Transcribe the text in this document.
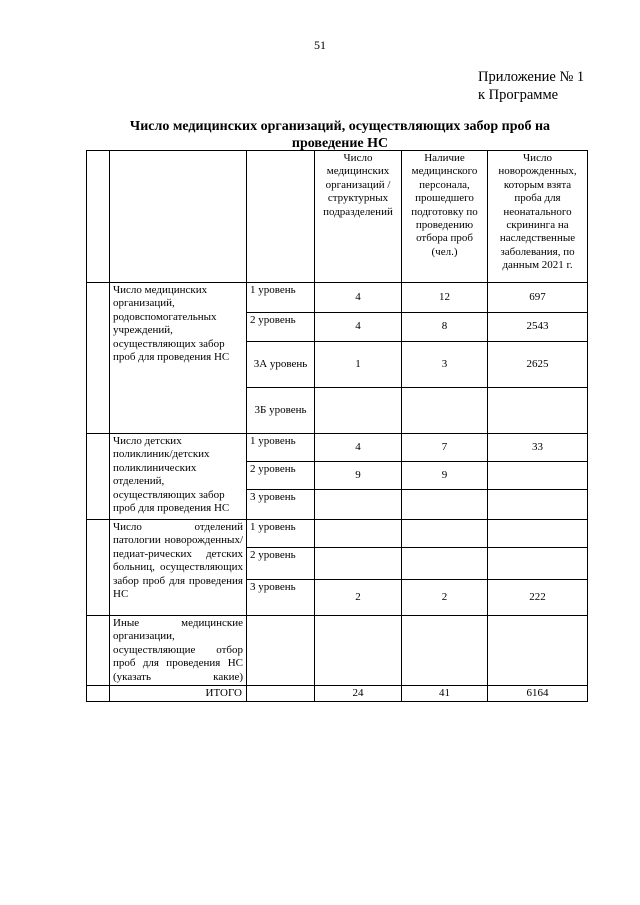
51
Приложение № 1
к Программе
Число медицинских организаций, осуществляющих забор проб на
проведение НС
			Число медицинских организаций /структурных подразделений	Наличие медицинского персонала, прошедшего подготовку по проведению отбора проб (чел.)	Число новорожденных, которым взята проба для неонатального скрининга на наследственные заболевания, по данным 2021 г.
	Число медицинских организаций, родовспомогательных учреждений, осуществляющих забор проб для проведения НС	1 уровень	4	12	697
		2 уровень	4	8	2543
		3А уровень	1	3	2625
		3Б уровень			
	Число детских поликлиник/детских поликлинических отделений, осуществляющих забор проб для проведения НС	1 уровень	4	7	33
		2 уровень	9	9	
		3 уровень			
	Число отделений патологии новорожденных/педиат-рических детских больниц, осуществляющих забор проб для проведения НС	1 уровень			
		2 уровень			
		3 уровень	2	2	222
	Иные медицинские организации, осуществляющие отбор проб для проведения НС (указать какие)				
	ИТОГО		24	41	6164
